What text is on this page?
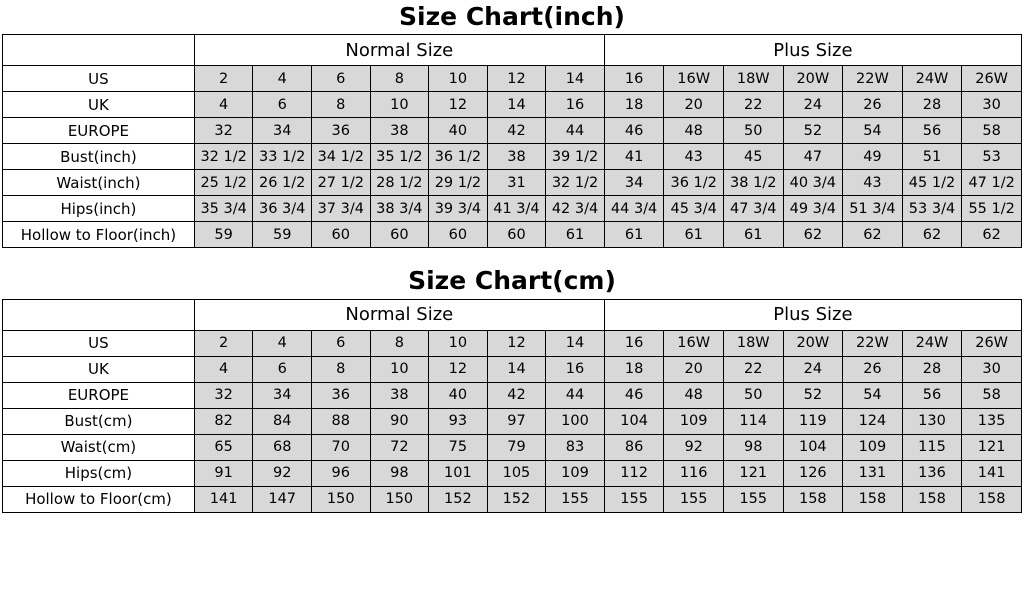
Size Chart(inch)
	Normal Size							Plus Size						
US	2	4	6	8	10	12	14	16	16W	18W	20W	22W	24W	26W
UK	4	6	8	10	12	14	16	18	20	22	24	26	28	30
EUROPE	32	34	36	38	40	42	44	46	48	50	52	54	56	58
Bust(inch)	32 1/2	33 1/2	34 1/2	35 1/2	36 1/2	38	39 1/2	41	43	45	47	49	51	53
Waist(inch)	25 1/2	26 1/2	27 1/2	28 1/2	29 1/2	31	32 1/2	34	36 1/2	38 1/2	40 3/4	43	45 1/2	47 1/2
Hips(inch)	35 3/4	36 3/4	37 3/4	38 3/4	39 3/4	41 3/4	42 3/4	44 3/4	45 3/4	47 3/4	49 3/4	51 3/4	53 3/4	55 1/2
Hollow to Floor(inch)	59	59	60	60	60	60	61	61	61	61	62	62	62	62
Size Chart(cm)
	Normal Size							Plus Size						
US	2	4	6	8	10	12	14	16	16W	18W	20W	22W	24W	26W
UK	4	6	8	10	12	14	16	18	20	22	24	26	28	30
EUROPE	32	34	36	38	40	42	44	46	48	50	52	54	56	58
Bust(cm)	82	84	88	90	93	97	100	104	109	114	119	124	130	135
Waist(cm)	65	68	70	72	75	79	83	86	92	98	104	109	115	121
Hips(cm)	91	92	96	98	101	105	109	112	116	121	126	131	136	141
Hollow to Floor(cm)	141	147	150	150	152	152	155	155	155	155	158	158	158	158
